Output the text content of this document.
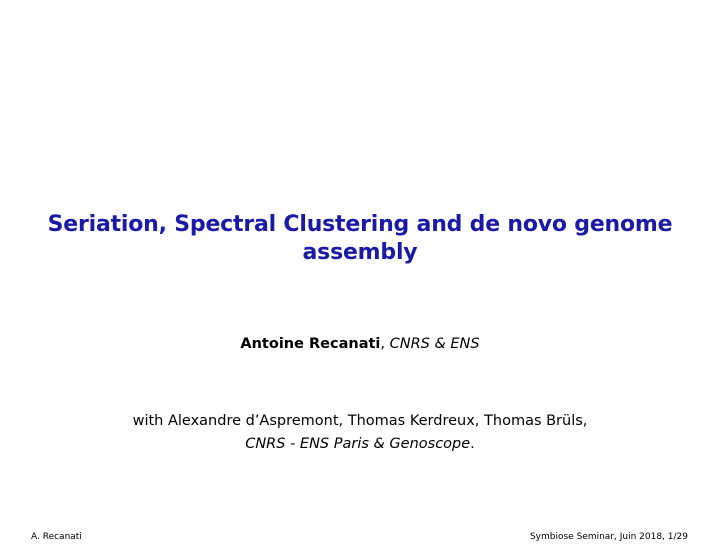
Seriation, Spectral Clustering and de novo genome
assembly
Antoine Recanati, CNRS & ENS
with Alexandre d’Aspremont, Thomas Kerdreux, Thomas Brüls,
CNRS - ENS Paris & Genoscope.
A. Recanati	Symbiose Seminar, Juin 2018, 1/29
